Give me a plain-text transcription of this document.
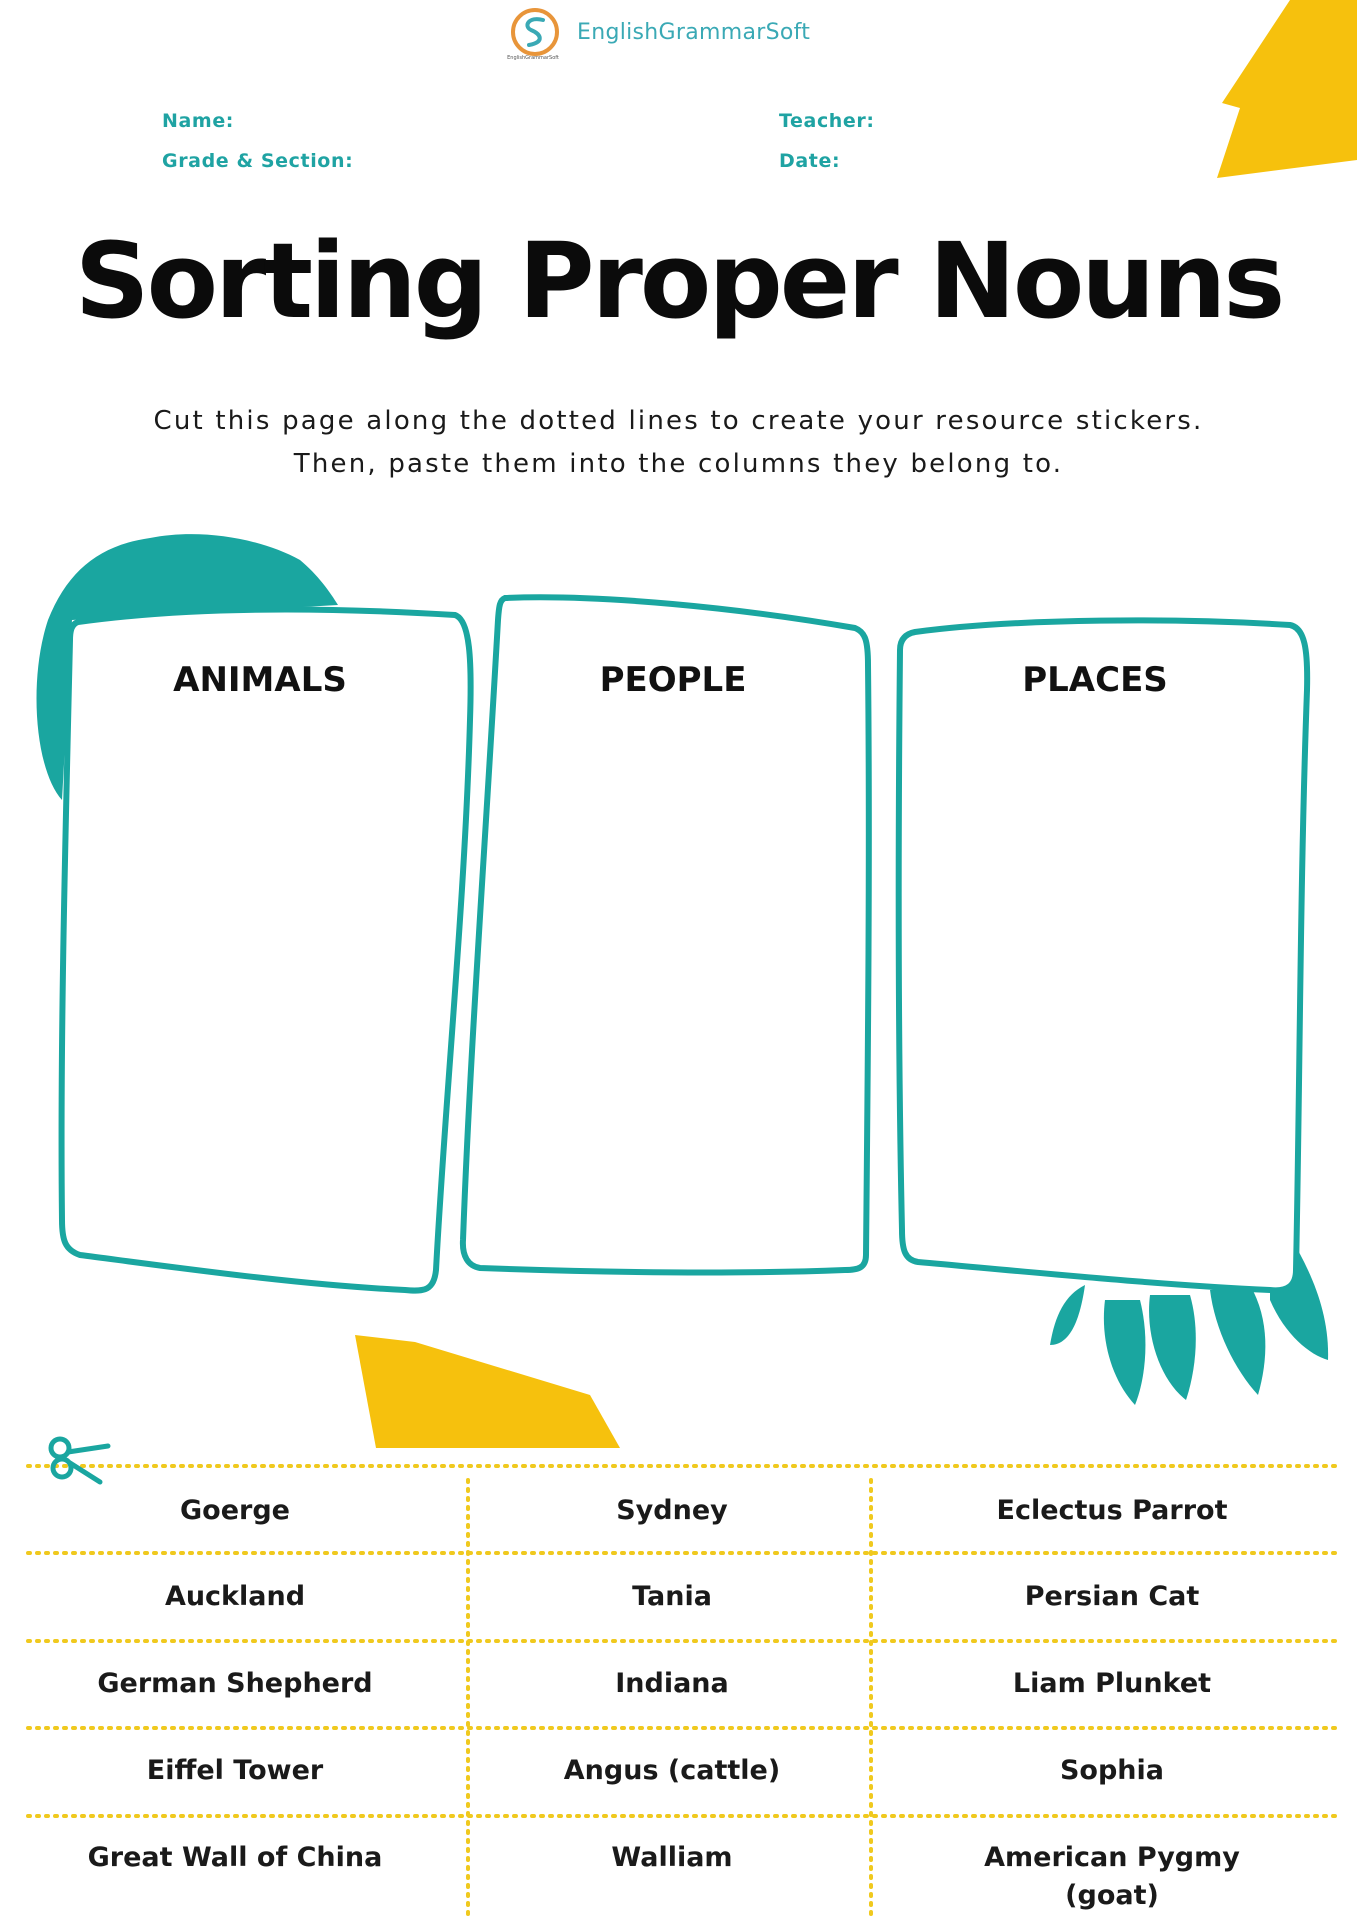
EnglishGrammarSoft
EnglishGrammarSoft
Name:
Grade & Section:
Teacher:
Date:
Sorting Proper Nouns
Cut this page along the dotted lines to create your resource stickers.
Then, paste them into the columns they belong to.
ANIMALS	PEOPLE	PLACES
Goerge	Sydney	Eclectus Parrot
Auckland	Tania	Persian Cat
German Shepherd	Indiana	Liam Plunket
Eiffel Tower	Angus (cattle)	Sophia
Great Wall of China	Walliam	American Pygmy (goat)
